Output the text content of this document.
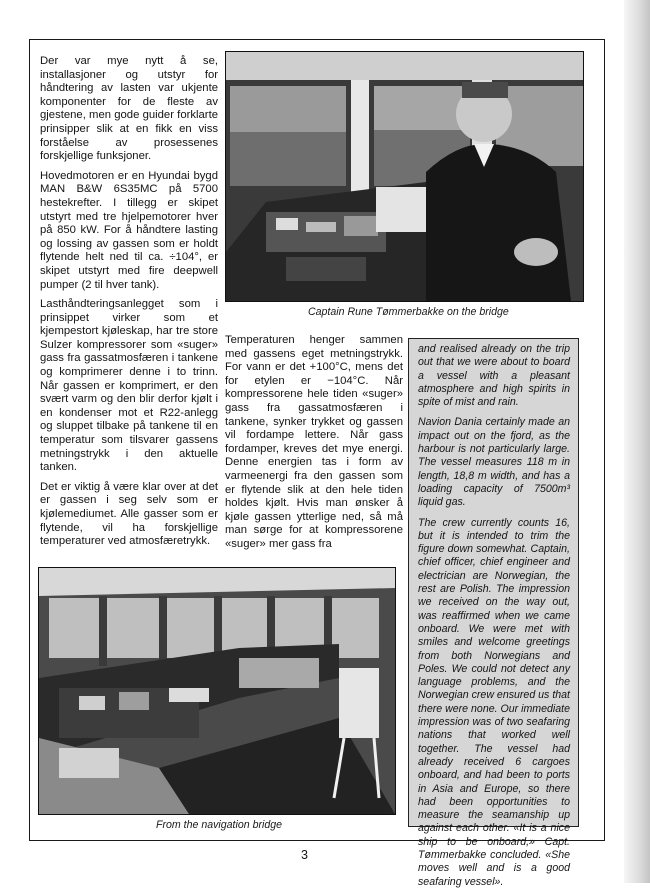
Der var mye nytt å se, installasjoner og utstyr for håndtering av lasten var ukjente komponenter for de fleste av gjestene, men gode guider forklarte prinsipper slik at en fikk en viss forståelse av prosessenes forskjellige funksjoner.

Hovedmotoren er en Hyundai bygd MAN B&W 6S35MC på 5700 hestekrefter. I tillegg er skipet utstyrt med tre hjelpemotorer hver på 850 kW. For å håndtere lasting og lossing av gassen som er holdt flytende helt ned til ca. ÷104°, er skipet utstyrt med fire deepwell pumper (2 til hver tank).

Lasthåndteringsanlegget som i prinsippet virker som et kjempestort kjøleskap, har tre store Sulzer kompressorer som «suger» gass fra gassatmosfæren i tankene og komprimerer denne i to trinn. Når gassen er komprimert, er den svært varm og den blir derfor kjølt i en kondenser mot et R22-anlegg og sluppet tilbake på tankene til en temperatur som tilsvarer gassens metningstrykk i den aktuelle tanken.

Det er viktig å være klar over at det er gassen i seg selv som er kjølemediumet. Alle gasser som er flytende, vil ha forskjellige temperaturer ved atmosfæretrykk.

Captain Rune Tømmerbakke on the bridge

Temperaturen henger sammen med gassens eget metningstrykk. For vann er det +100°C, mens det for etylen er −104°C. Når kompressorene hele tiden «suger» gass fra gassatmosfæren i tankene, synker trykket og gassen vil fordampe lettere. Når gass fordamper, kreves det mye energi. Denne energien tas i form av varmeenergi fra den gassen som er flytende slik at den hele tiden holdes kjølt. Hvis man ønsker å kjøle gassen ytterlige ned, så må man sørge for at kompressorene «suger» mer gass fra

and realised already on the trip out that we were about to board a vessel with a pleasant atmosphere and high spirits in spite of mist and rain.

Navion Dania certainly made an impact out on the fjord, as the harbour is not particularly large. The vessel measures 118 m in length, 18,8 m width, and has a loading capacity of 7500m³ liquid gas.

The crew currently counts 16, but it is intended to trim the figure down somewhat. Captain, chief officer, chief engineer and electrician are Norwegian, the rest are Polish. The impression we received on the way out, was reaffirmed when we came onboard. We were met with smiles and welcome greetings from both Norwegians and Poles. We could not detect any language problems, and the Norwegian crew ensured us that there were none. Our immediate impression was of two seafaring nations that worked well together. The vessel had already received 6 cargoes onboard, and had been to ports in Asia and Europe, so there had been opportunities to measure the seamanship up against each other. «It is a nice ship to be onboard,» Capt. Tømmerbakke concluded. «She moves well and is a good seafaring vessel».

From the navigation bridge
3
